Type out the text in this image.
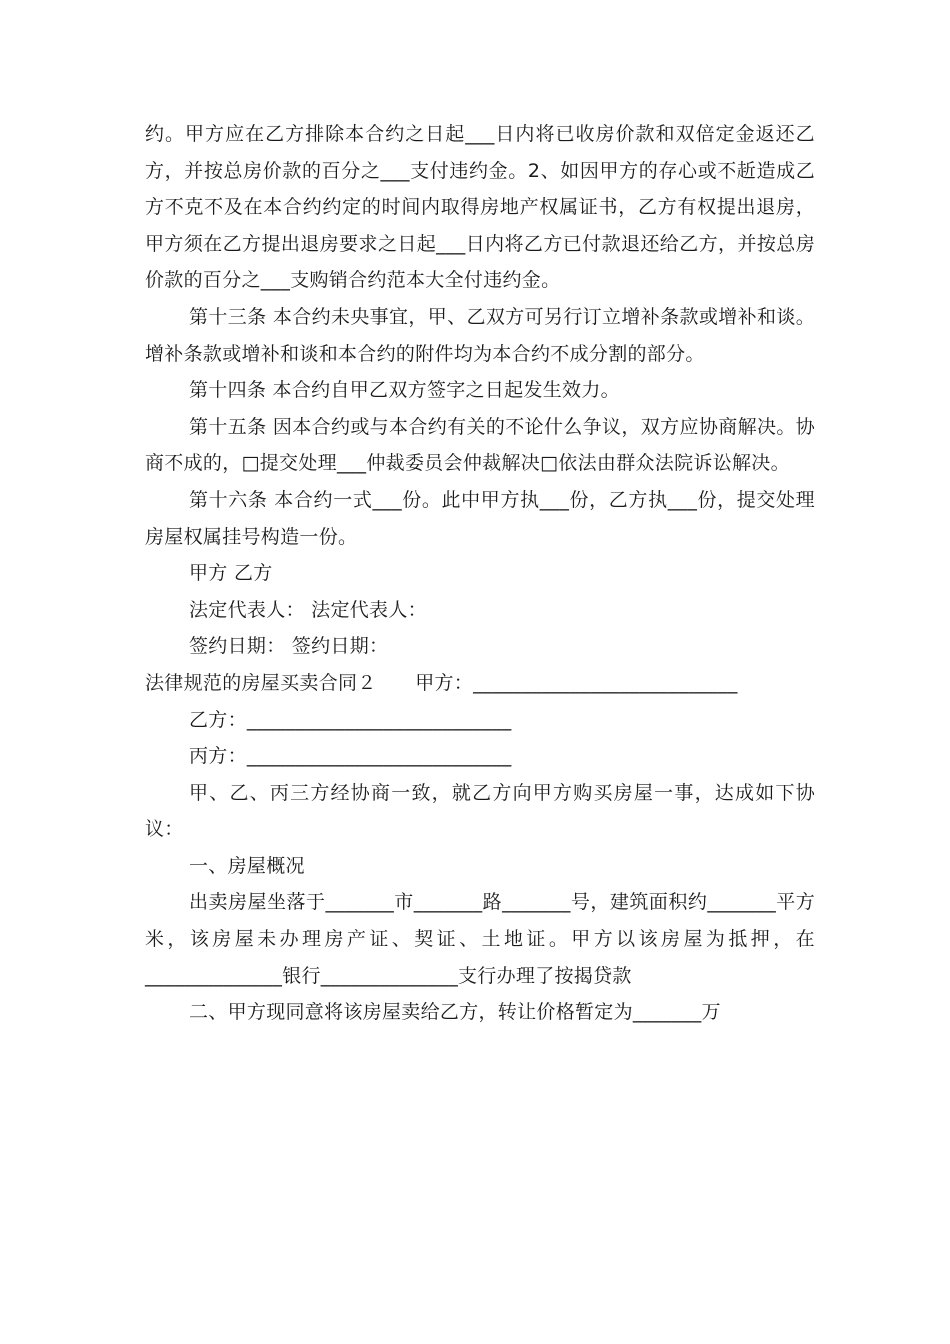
约。甲方应在乙方排除本合约之日起___日内将已收房价款和双倍定金返还乙方，并按总房价款的百分之___支付违约金。2、如因甲方的存心或不赾造成乙方不克不及在本合约约定的时间内取得房地产权属证书，乙方有权提出退房，甲方须在乙方提出退房要求之日起___日内将乙方已付款退还给乙方，并按总房价款的百分之___支购销合约范本大全付违约金。

第十三条 本合约未央事宜，甲、乙双方可另行订立增补条款或增补和谈。增补条款或增补和谈和本合约的附件均为本合约不成分割的部分。

第十四条 本合约自甲乙双方签字之日起发生效力。

第十五条 因本合约或与本合约有关的不论什么争议，双方应协商解决。协商不成的，□提交处理___仲裁委员会仲裁解决□依法由群众法院诉讼解决。

第十六条 本合约一式___份。此中甲方执___份，乙方执___份，提交处理房屋权属挂号构造一份。

甲方 乙方

法定代表人： 法定代表人：

签约日期： 签约日期：

法律规范的房屋买卖合同２　　甲方：___________________________

乙方：___________________________

丙方：___________________________

甲、乙、丙三方经协商一致，就乙方向甲方购买房屋一事，达成如下协议：

一、房屋概况

出卖房屋坐落于_______市_______路_______号，建筑面积约_______平方米，该房屋未办理房产证、契证、土地证。甲方以该房屋为抵押，在______________银行______________支行办理了按揭贷款

二、甲方现同意将该房屋卖给乙方，转让价格暂定为_______万
